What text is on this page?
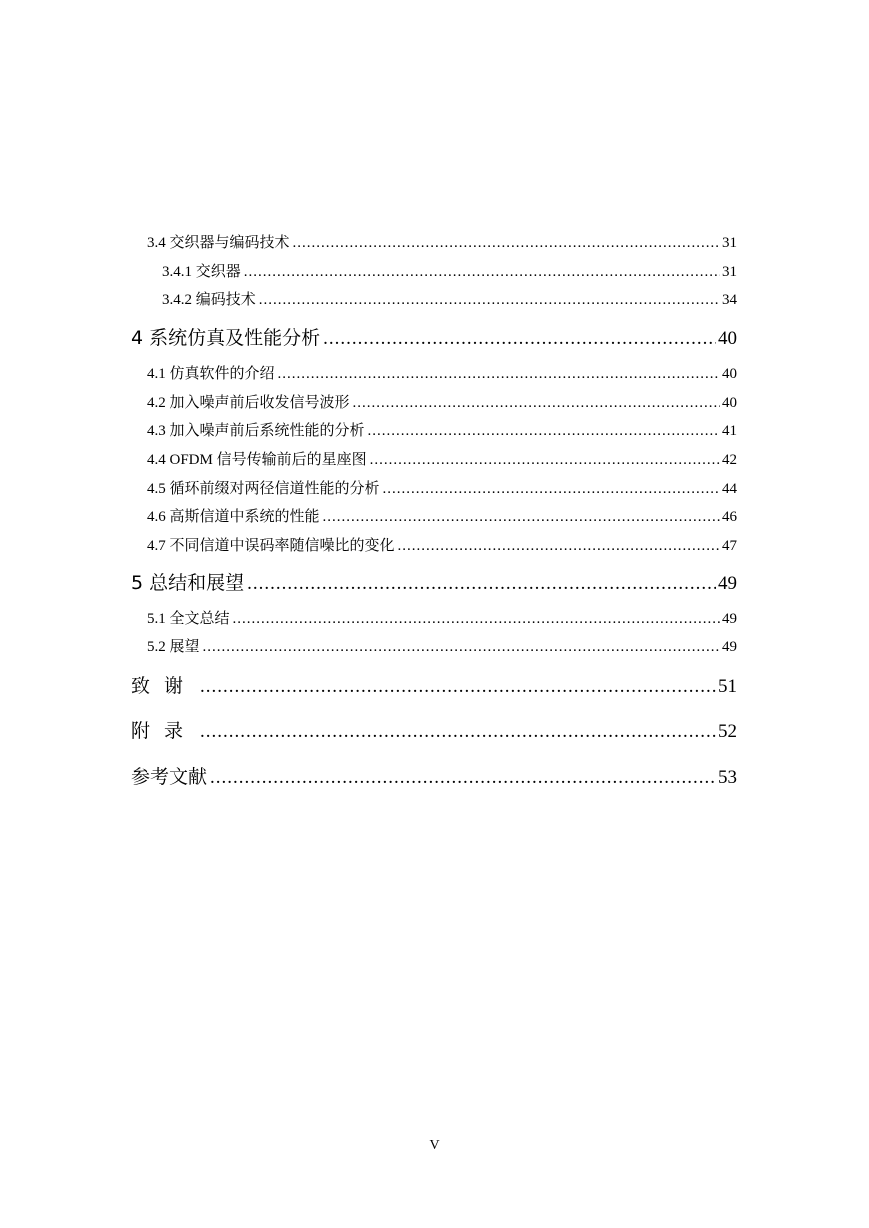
3.4 交织器与编码技术 .....	31
3.4.1 交织器 .....	31
3.4.2 编码技术 .....	34
4 系统仿真及性能分析 .....	40
4.1 仿真软件的介绍 .....	40
4.2 加入噪声前后收发信号波形 .....	40
4.3 加入噪声前后系统性能的分析 .....	41
4.4 OFDM 信号传输前后的星座图 .....	42
4.5 循环前缀对两径信道性能的分析 .....	44
4.6 高斯信道中系统的性能 .....	46
4.7 不同信道中误码率随信噪比的变化 .....	47
5 总结和展望 .....	49
5.1 全文总结 .....	49
5.2 展望 .....	49
致谢 .....	51
附录 .....	52
参考文献 .....	53
V
